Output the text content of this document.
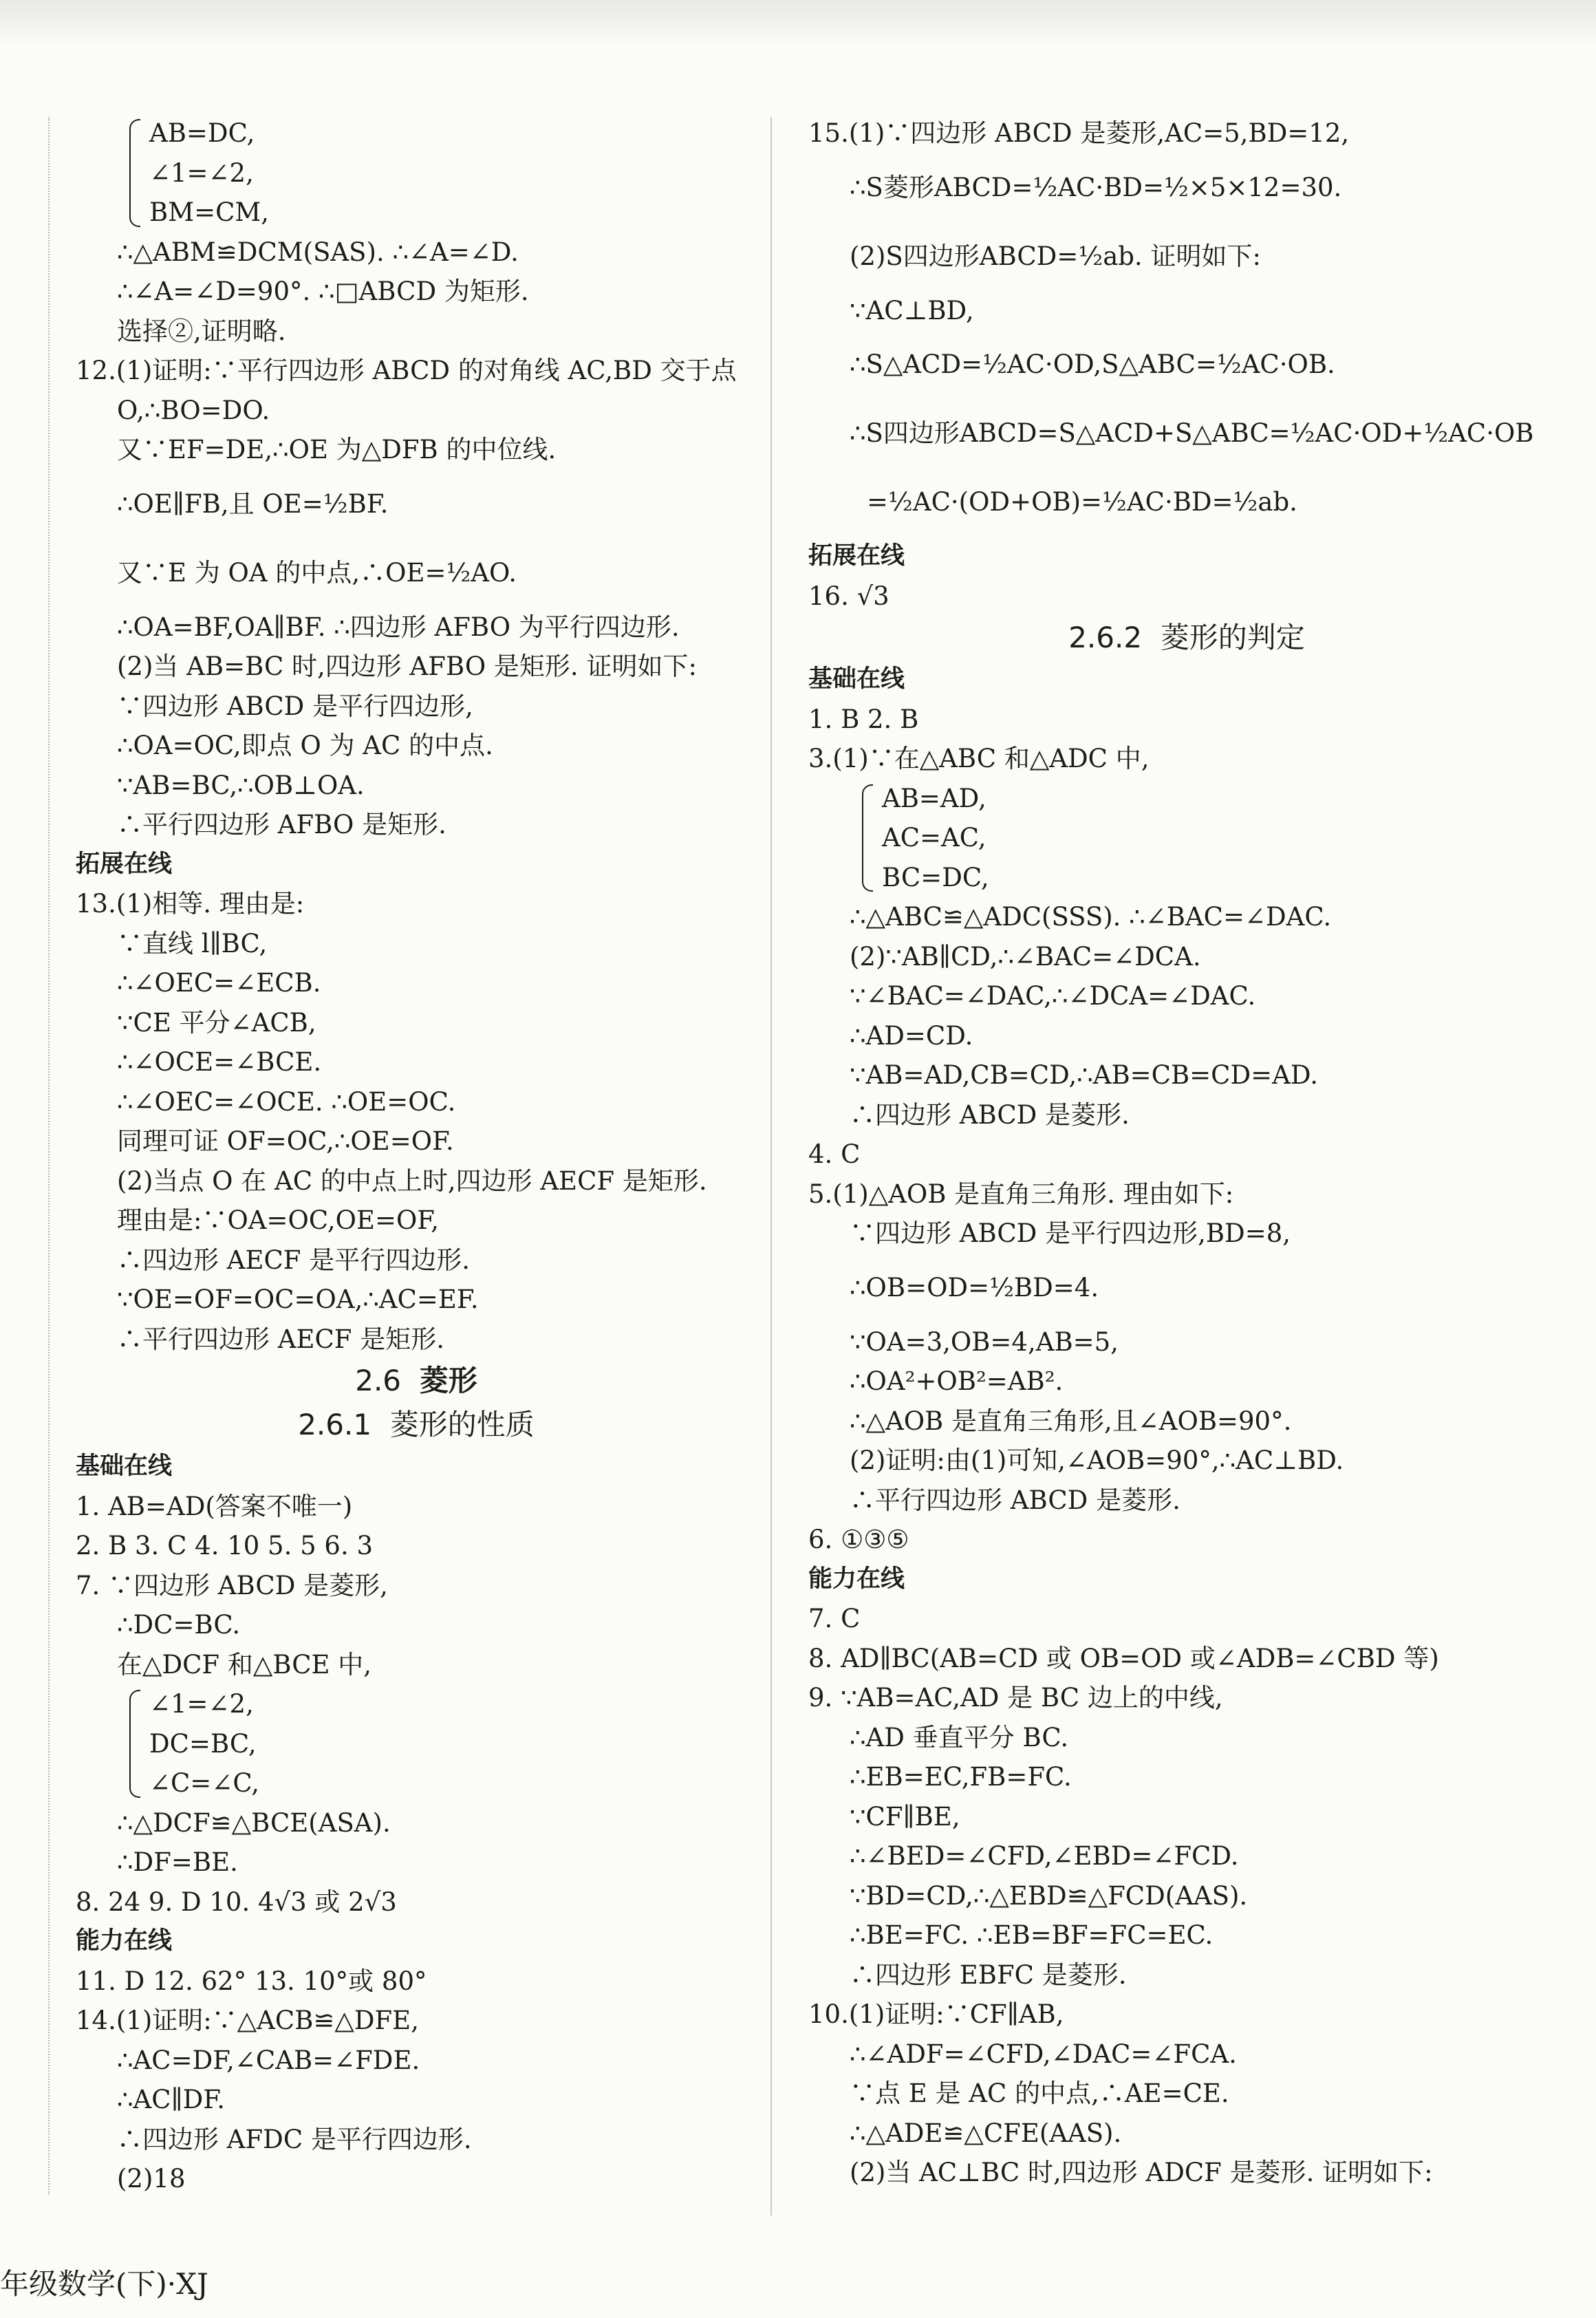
AB=DC,
∠1=∠2,
BM=CM,
∴△ABM≌DCM(SAS). ∴∠A=∠D.
∴∠A=∠D=90°. ∴□ABCD 为矩形.
选择②,证明略.
12.(1)证明:∵平行四边形 ABCD 的对角线 AC,BD 交于点
O,∴BO=DO.
又∵EF=DE,∴OE 为△DFB 的中位线.
∴OE∥FB,且 OE=½BF.
又∵E 为 OA 的中点,∴OE=½AO.
∴OA=BF,OA∥BF. ∴四边形 AFBO 为平行四边形.
(2)当 AB=BC 时,四边形 AFBO 是矩形. 证明如下:
∵四边形 ABCD 是平行四边形,
∴OA=OC,即点 O 为 AC 的中点.
∵AB=BC,∴OB⊥OA.
∴平行四边形 AFBO 是矩形.
拓展在线
13.(1)相等. 理由是:
∵直线 l∥BC,
∴∠OEC=∠ECB.
∵CE 平分∠ACB,
∴∠OCE=∠BCE.
∴∠OEC=∠OCE. ∴OE=OC.
同理可证 OF=OC,∴OE=OF.
(2)当点 O 在 AC 的中点上时,四边形 AECF 是矩形.
理由是:∵OA=OC,OE=OF,
∴四边形 AECF 是平行四边形.
∵OE=OF=OC=OA,∴AC=EF.
∴平行四边形 AECF 是矩形.
2.6 菱形
2.6.1 菱形的性质
基础在线
1. AB=AD(答案不唯一)
2. B 3. C 4. 10 5. 5 6. 3
7. ∵四边形 ABCD 是菱形,
∴DC=BC.
在△DCF 和△BCE 中,
∠1=∠2,
DC=BC,
∠C=∠C,
∴△DCF≌△BCE(ASA).
∴DF=BE.
8. 24 9. D 10. 4√3 或 2√3
能力在线
11. D 12. 62° 13. 10°或 80°
14.(1)证明:∵△ACB≌△DFE,
∴AC=DF,∠CAB=∠FDE.
∴AC∥DF.
∴四边形 AFDC 是平行四边形.
(2)18
15.(1)∵四边形 ABCD 是菱形,AC=5,BD=12,
∴S菱形ABCD=½AC·BD=½×5×12=30.
(2)S四边形ABCD=½ab. 证明如下:
∵AC⊥BD,
∴S△ACD=½AC·OD,S△ABC=½AC·OB.
∴S四边形ABCD=S△ACD+S△ABC=½AC·OD+½AC·OB
=½AC·(OD+OB)=½AC·BD=½ab.
拓展在线
16. √3
2.6.2 菱形的判定
基础在线
1. B 2. B
3.(1)∵在△ABC 和△ADC 中,
AB=AD,
AC=AC,
BC=DC,
∴△ABC≌△ADC(SSS). ∴∠BAC=∠DAC.
(2)∵AB∥CD,∴∠BAC=∠DCA.
∵∠BAC=∠DAC,∴∠DCA=∠DAC.
∴AD=CD.
∵AB=AD,CB=CD,∴AB=CB=CD=AD.
∴四边形 ABCD 是菱形.
4. C
5.(1)△AOB 是直角三角形. 理由如下:
∵四边形 ABCD 是平行四边形,BD=8,
∴OB=OD=½BD=4.
∵OA=3,OB=4,AB=5,
∴OA²+OB²=AB².
∴△AOB 是直角三角形,且∠AOB=90°.
(2)证明:由(1)可知,∠AOB=90°,∴AC⊥BD.
∴平行四边形 ABCD 是菱形.
6. ①③⑤
能力在线
7. C
8. AD∥BC(AB=CD 或 OB=OD 或∠ADB=∠CBD 等)
9. ∵AB=AC,AD 是 BC 边上的中线,
∴AD 垂直平分 BC.
∴EB=EC,FB=FC.
∵CF∥BE,
∴∠BED=∠CFD,∠EBD=∠FCD.
∵BD=CD,∴△EBD≌△FCD(AAS).
∴BE=FC. ∴EB=BF=FC=EC.
∴四边形 EBFC 是菱形.
10.(1)证明:∵CF∥AB,
∴∠ADF=∠CFD,∠DAC=∠FCA.
∵点 E 是 AC 的中点,∴AE=CE.
∴△ADE≌△CFE(AAS).
(2)当 AC⊥BC 时,四边形 ADCF 是菱形. 证明如下:
年级数学(下)·XJ
